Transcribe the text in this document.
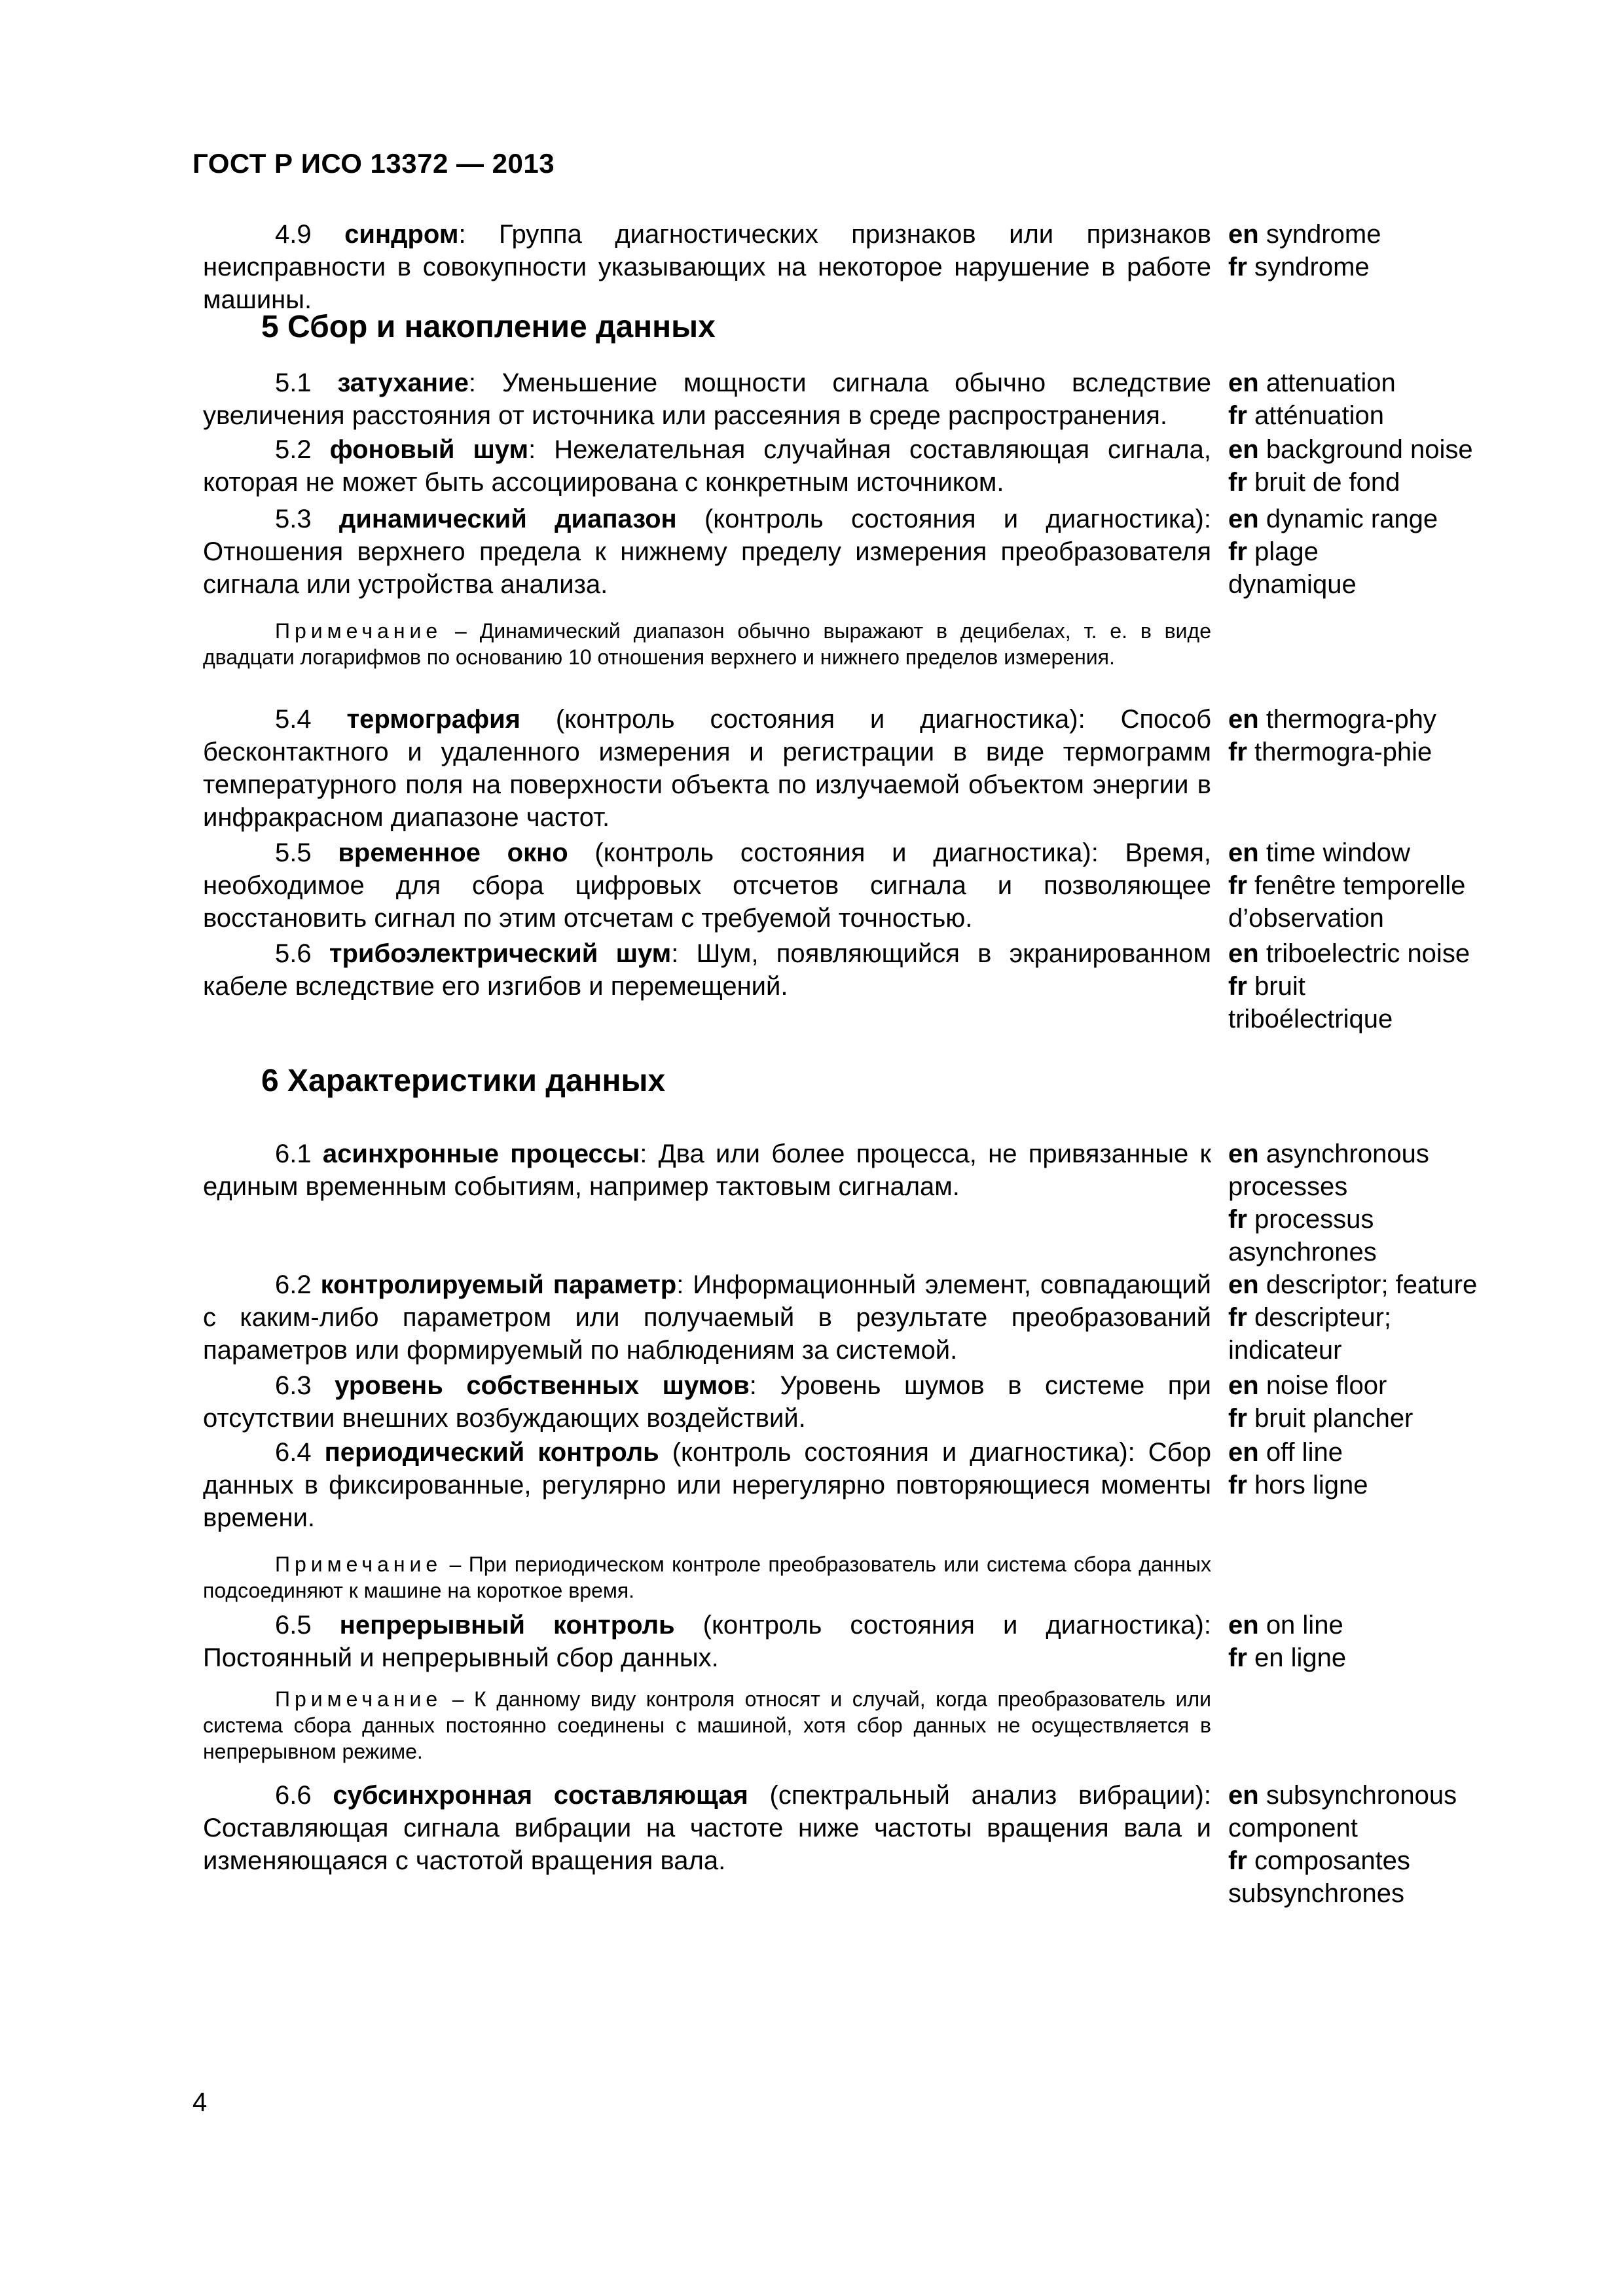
ГОСТ Р ИСО 13372 — 2013

4.9 синдром: Группа диагностических признаков или признаков неисправности в совокупности указывающих на некоторое нарушение в работе машины.

en syndrome
fr syndrome
5 Сбор и накопление данных

5.1 затухание: Уменьшение мощности сигнала обычно вследствие увеличения расстояния от источника или рассеяния в среде распространения.

en attenuation
fr atténuation

5.2 фоновый шум: Нежелательная случайная составляющая сигнала, которая не может быть ассоциирована с конкретным источником.

en background noise
fr bruit de fond

5.3 динамический диапазон (контроль состояния и диагностика): Отношения верхнего предела к нижнему пределу измерения преобразователя сигнала или устройства анализа.

en dynamic range
fr plage
dynamique
Примечание – Динамический диапазон обычно выражают в децибелах, т. е. в виде двадцати логарифмов по основанию 10 отношения верхнего и нижнего пределов измерения.

5.4 термография (контроль состояния и диагностика): Способ бесконтактного и удаленного измерения и регистрации в виде термограмм температурного поля на поверхности объекта по излучаемой объектом энергии в инфракрасном диапазоне частот.

en thermogra-phy
fr thermogra-phie

5.5 временное окно (контроль состояния и диагностика): Время, необходимое для сбора цифровых отсчетов сигнала и позволяющее восстановить сигнал по этим отсчетам с требуемой точностью.

en time window
fr fenêtre temporelle
d’observation

5.6 трибоэлектрический шум: Шум, появляющийся в экранированном кабеле вследствие его изгибов и перемещений.

en triboelectric noise
fr bruit
triboélectrique
6 Характеристики данных

6.1 асинхронные процессы: Два или более процесса, не привязанные к единым временным событиям, например тактовым сигналам.

en asynchronous
processes
fr processus
asynchrones

6.2 контролируемый параметр: Информационный элемент, совпадающий с каким-либо параметром или получаемый в результате преобразований параметров или формируемый по наблюдениям за системой.

en descriptor; feature
fr descripteur;
indicateur

6.3 уровень собственных шумов: Уровень шумов в системе при отсутствии внешних возбуждающих воздействий.

en noise floor
fr bruit plancher

6.4 периодический контроль (контроль состояния и диагностика): Сбор данных в фиксированные, регулярно или нерегулярно повторяющиеся моменты времени.

en off line
fr hors ligne
Примечание – При периодическом контроле преобразователь или система сбора данных подсоединяют к машине на короткое время.

6.5 непрерывный контроль (контроль состояния и диагностика): Постоянный и непрерывный сбор данных.

en on line
fr en ligne
Примечание – К данному виду контроля относят и случай, когда преобразователь или система сбора данных постоянно соединены с машиной, хотя сбор данных не осуществляется в непрерывном режиме.

6.6 субсинхронная составляющая (спектральный анализ вибрации): Составляющая сигнала вибрации на частоте ниже частоты вращения вала и изменяющаяся с частотой вращения вала.

en subsynchronous
component
fr composantes
subsynchrones
4
